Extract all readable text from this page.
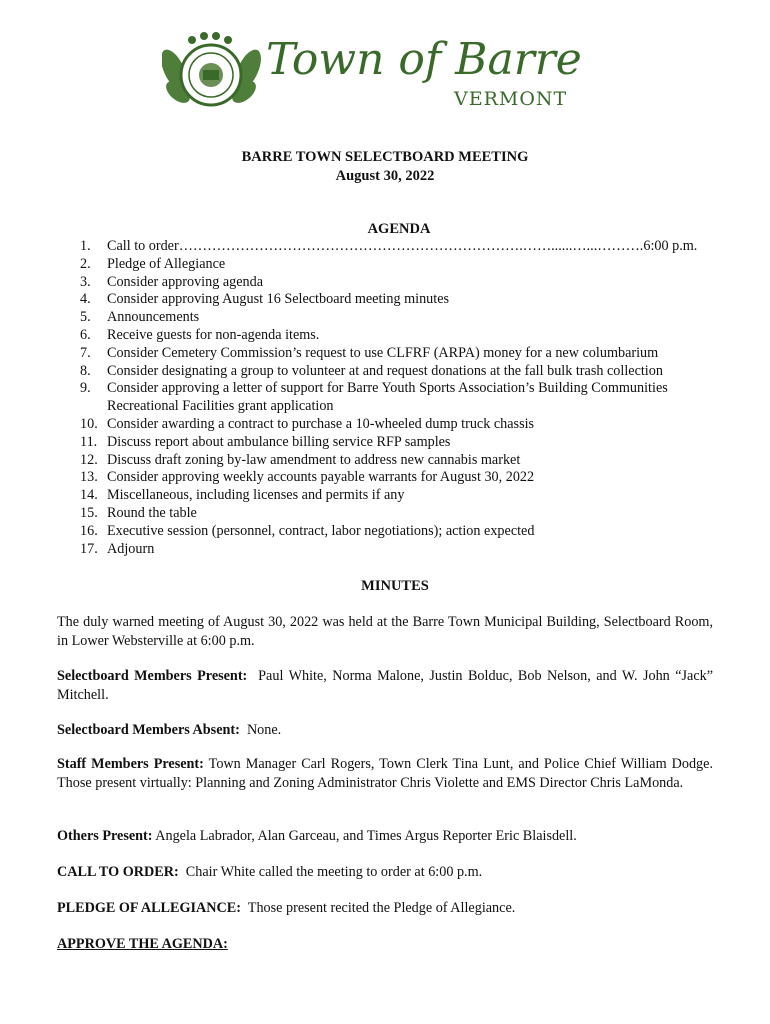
Town of Barre
VERMONT
BARRE TOWN SELECTBOARD MEETING
August 30, 2022
AGENDA
1. Call to order……………………………………………………………….……......…...……….6:00 p.m.
2. Pledge of Allegiance
3. Consider approving agenda
4. Consider approving August 16 Selectboard meeting minutes
5. Announcements
6. Receive guests for non-agenda items.
7. Consider Cemetery Commission’s request to use CLFRF (ARPA) money for a new columbarium
8. Consider designating a group to volunteer at and request donations at the fall bulk trash collection
9. Consider approving a letter of support for Barre Youth Sports Association’s Building Communities
Recreational Facilities grant application
10. Consider awarding a contract to purchase a 10-wheeled dump truck chassis
11. Discuss report about ambulance billing service RFP samples
12. Discuss draft zoning by-law amendment to address new cannabis market
13. Consider approving weekly accounts payable warrants for August 30, 2022
14. Miscellaneous, including licenses and permits if any
15. Round the table
16. Executive session (personnel, contract, labor negotiations); action expected
17. Adjourn
MINUTES
The duly warned meeting of August 30, 2022 was held at the Barre Town Municipal Building, Selectboard Room, in Lower Websterville at 6:00 p.m.
Selectboard Members Present: Paul White, Norma Malone, Justin Bolduc, Bob Nelson, and W. John “Jack” Mitchell.
Selectboard Members Absent: None.
Staff Members Present: Town Manager Carl Rogers, Town Clerk Tina Lunt, and Police Chief William Dodge. Those present virtually: Planning and Zoning Administrator Chris Violette and EMS Director Chris LaMonda.
Others Present: Angela Labrador, Alan Garceau, and Times Argus Reporter Eric Blaisdell.
CALL TO ORDER: Chair White called the meeting to order at 6:00 p.m.
PLEDGE OF ALLEGIANCE: Those present recited the Pledge of Allegiance.
APPROVE THE AGENDA:
